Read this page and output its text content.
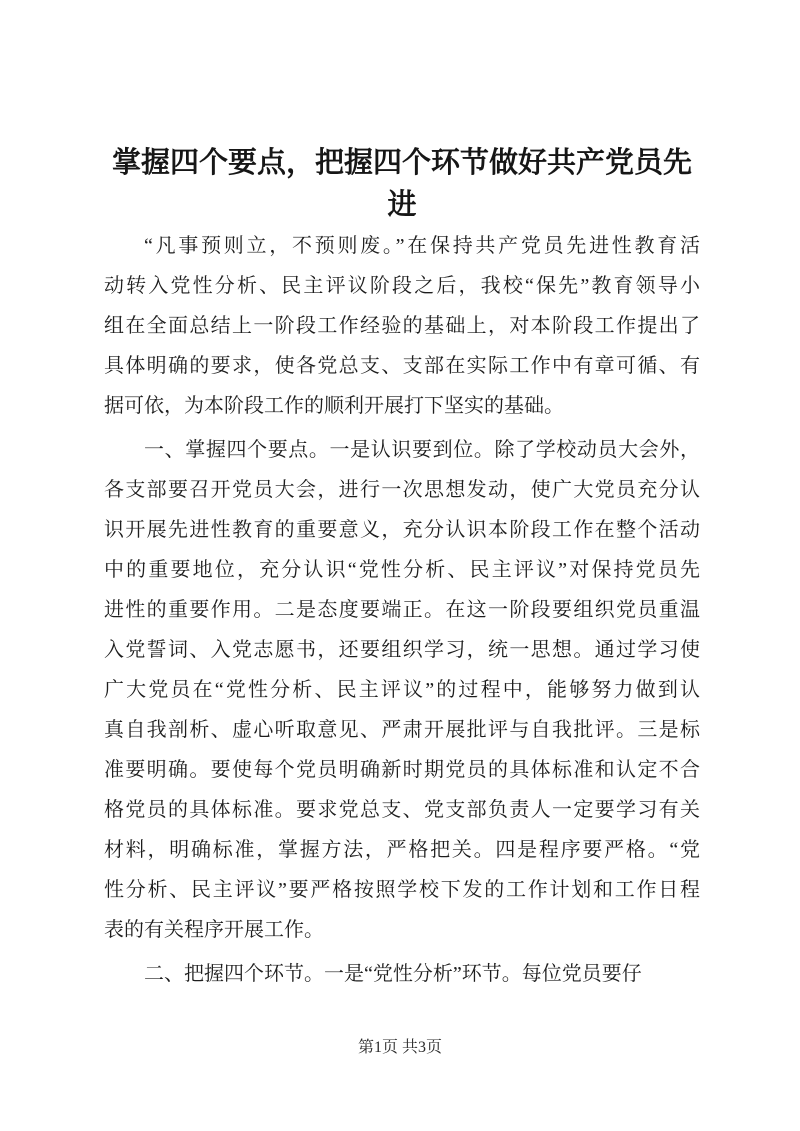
掌握四个要点，把握四个环节做好共产党员先
进
“凡事预则立，不预则废。”在保持共产党员先进性教育活
动转入党性分析、民主评议阶段之后，我校“保先”教育领导小
组在全面总结上一阶段工作经验的基础上，对本阶段工作提出了
具体明确的要求，使各党总支、支部在实际工作中有章可循、有
据可依，为本阶段工作的顺利开展打下坚实的基础。
一、掌握四个要点。一是认识要到位。除了学校动员大会外，
各支部要召开党员大会，进行一次思想发动，使广大党员充分认
识开展先进性教育的重要意义，充分认识本阶段工作在整个活动
中的重要地位，充分认识“党性分析、民主评议”对保持党员先
进性的重要作用。二是态度要端正。在这一阶段要组织党员重温
入党誓词、入党志愿书，还要组织学习，统一思想。通过学习使
广大党员在“党性分析、民主评议”的过程中，能够努力做到认
真自我剖析、虚心听取意见、严肃开展批评与自我批评。三是标
准要明确。要使每个党员明确新时期党员的具体标准和认定不合
格党员的具体标准。要求党总支、党支部负责人一定要学习有关
材料，明确标准，掌握方法，严格把关。四是程序要严格。“党
性分析、民主评议”要严格按照学校下发的工作计划和工作日程
表的有关程序开展工作。
二、把握四个环节。一是“党性分析”环节。每位党员要仔
第1页 共3页
